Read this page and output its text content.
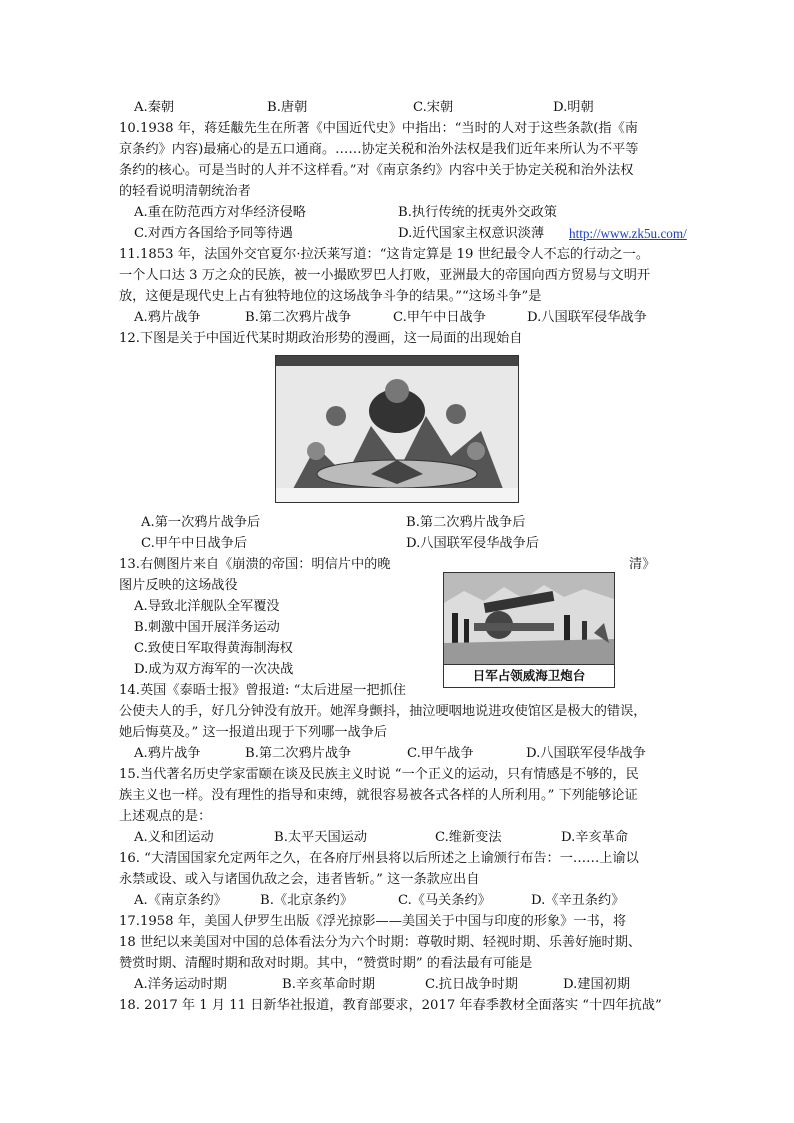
A.秦朝	B.唐朝	C.宋朝	D.明朝
10.1938 年，蒋廷黻先生在所著《中国近代史》中指出：“当时的人对于这些条款(指《南
京条约》内容)最痛心的是五口通商。……协定关税和治外法权是我们近年来所认为不平等
条约的核心。可是当时的人并不这样看。”对《南京条约》内容中关于协定关税和治外法权
的轻看说明清朝统治者
A.重在防范西方对华经济侵略	B.执行传统的抚夷外交政策
C.对西方各国给予同等待遇	D.近代国家主权意识淡薄 http://www.zk5u.com/
11.1853 年，法国外交官夏尔·拉沃莱写道：“这肯定算是 19 世纪最令人不忘的行动之一。
一个人口达 3 万之众的民族，被一小撮欧罗巴人打败，亚洲最大的帝国向西方贸易与文明开
放，这便是现代史上占有独特地位的这场战争斗争的结果。”“这场斗争”是
A.鸦片战争	B.第二次鸦片战争	C.甲午中日战争	D.八国联军侵华战争
12.下图是关于中国近代某时期政治形势的漫画，这一局面的出现始自
A.第一次鸦片战争后	B.第二次鸦片战争后
C.甲午中日战争后	D.八国联军侵华战争后
13.右侧图片来自《崩溃的帝国：明信片中的晚	清》
图片反映的这场战役
A.导致北洋舰队全军覆没
B.刺激中国开展洋务运动
C.致使日军取得黄海制海权
D.成为双方海军的一次决战	日军占领威海卫炮台
14.英国《泰晤士报》曾报道: “太后进屋一把抓住
公使夫人的手，好几分钟没有放开。她浑身颤抖，抽泣哽咽地说进攻使馆区是极大的错误，
她后悔莫及。” 这一报道出现于下列哪一战争后
A.鸦片战争	B.第二次鸦片战争	C.甲午战争	D.八国联军侵华战争
15.当代著名历史学家雷颐在谈及民族主义时说 “一个正义的运动，只有情感是不够的，民
族主义也一样。没有理性的指导和束缚，就很容易被各式各样的人所利用。” 下列能够论证
上述观点的是：
A.义和团运动	B.太平天国运动	C.维新变法	D.辛亥革命
16. “大清国国家允定两年之久，在各府厅州县将以后所述之上谕颁行布告：一……上谕以
永禁或设、或入与诸国仇敌之会，违者皆斩。” 这一条款应出自
A.《南京条约》	B.《北京条约》	C.《马关条约》	D.《辛丑条约》
17.1958 年，美国人伊罗生出版《浮光掠影——美国关于中国与印度的形象》一书，将
18 世纪以来美国对中国的总体看法分为六个时期：尊敬时期、轻视时期、乐善好施时期、
赞赏时期、清醒时期和敌对时期。其中，“赞赏时期” 的看法最有可能是
A.洋务运动时期	B.辛亥革命时期	C.抗日战争时期	D.建国初期
18. 2017 年 1 月 11 日新华社报道，教育部要求，2017 年春季教材全面落实 “十四年抗战”
